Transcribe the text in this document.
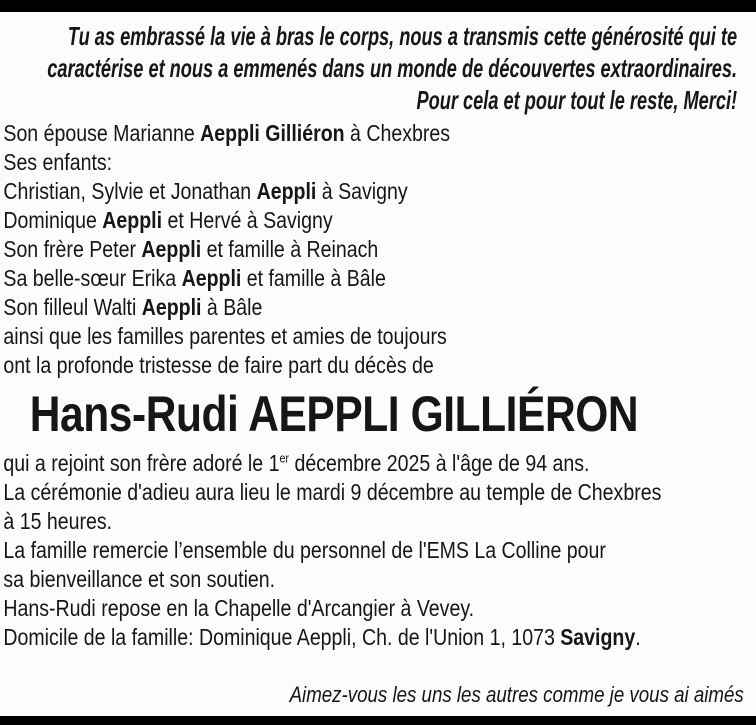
Tu as embrassé la vie à bras le corps, nous a transmis cette générosité qui te
caractérise et nous a emmenés dans un monde de découvertes extraordinaires.
Pour cela et pour tout le reste, Merci!
Son épouse Marianne Aeppli Gilliéron à Chexbres
Ses enfants:
Christian, Sylvie et Jonathan Aeppli à Savigny
Dominique Aeppli et Hervé à Savigny
Son frère Peter Aeppli et famille à Reinach
Sa belle-sœur Erika Aeppli et famille à Bâle
Son filleul Walti Aeppli à Bâle
ainsi que les familles parentes et amies de toujours
ont la profonde tristesse de faire part du décès de
Hans-Rudi AEPPLI GILLIÉRON
qui a rejoint son frère adoré le 1er décembre 2025 à l'âge de 94 ans.
La cérémonie d'adieu aura lieu le mardi 9 décembre au temple de Chexbres
à 15 heures.
La famille remercie l’ensemble du personnel de l'EMS La Colline pour
sa bienveillance et son soutien.
Hans-Rudi repose en la Chapelle d'Arcangier à Vevey.
Domicile de la famille: Dominique Aeppli, Ch. de l'Union 1, 1073 Savigny.
Aimez-vous les uns les autres comme je vous ai aimés
